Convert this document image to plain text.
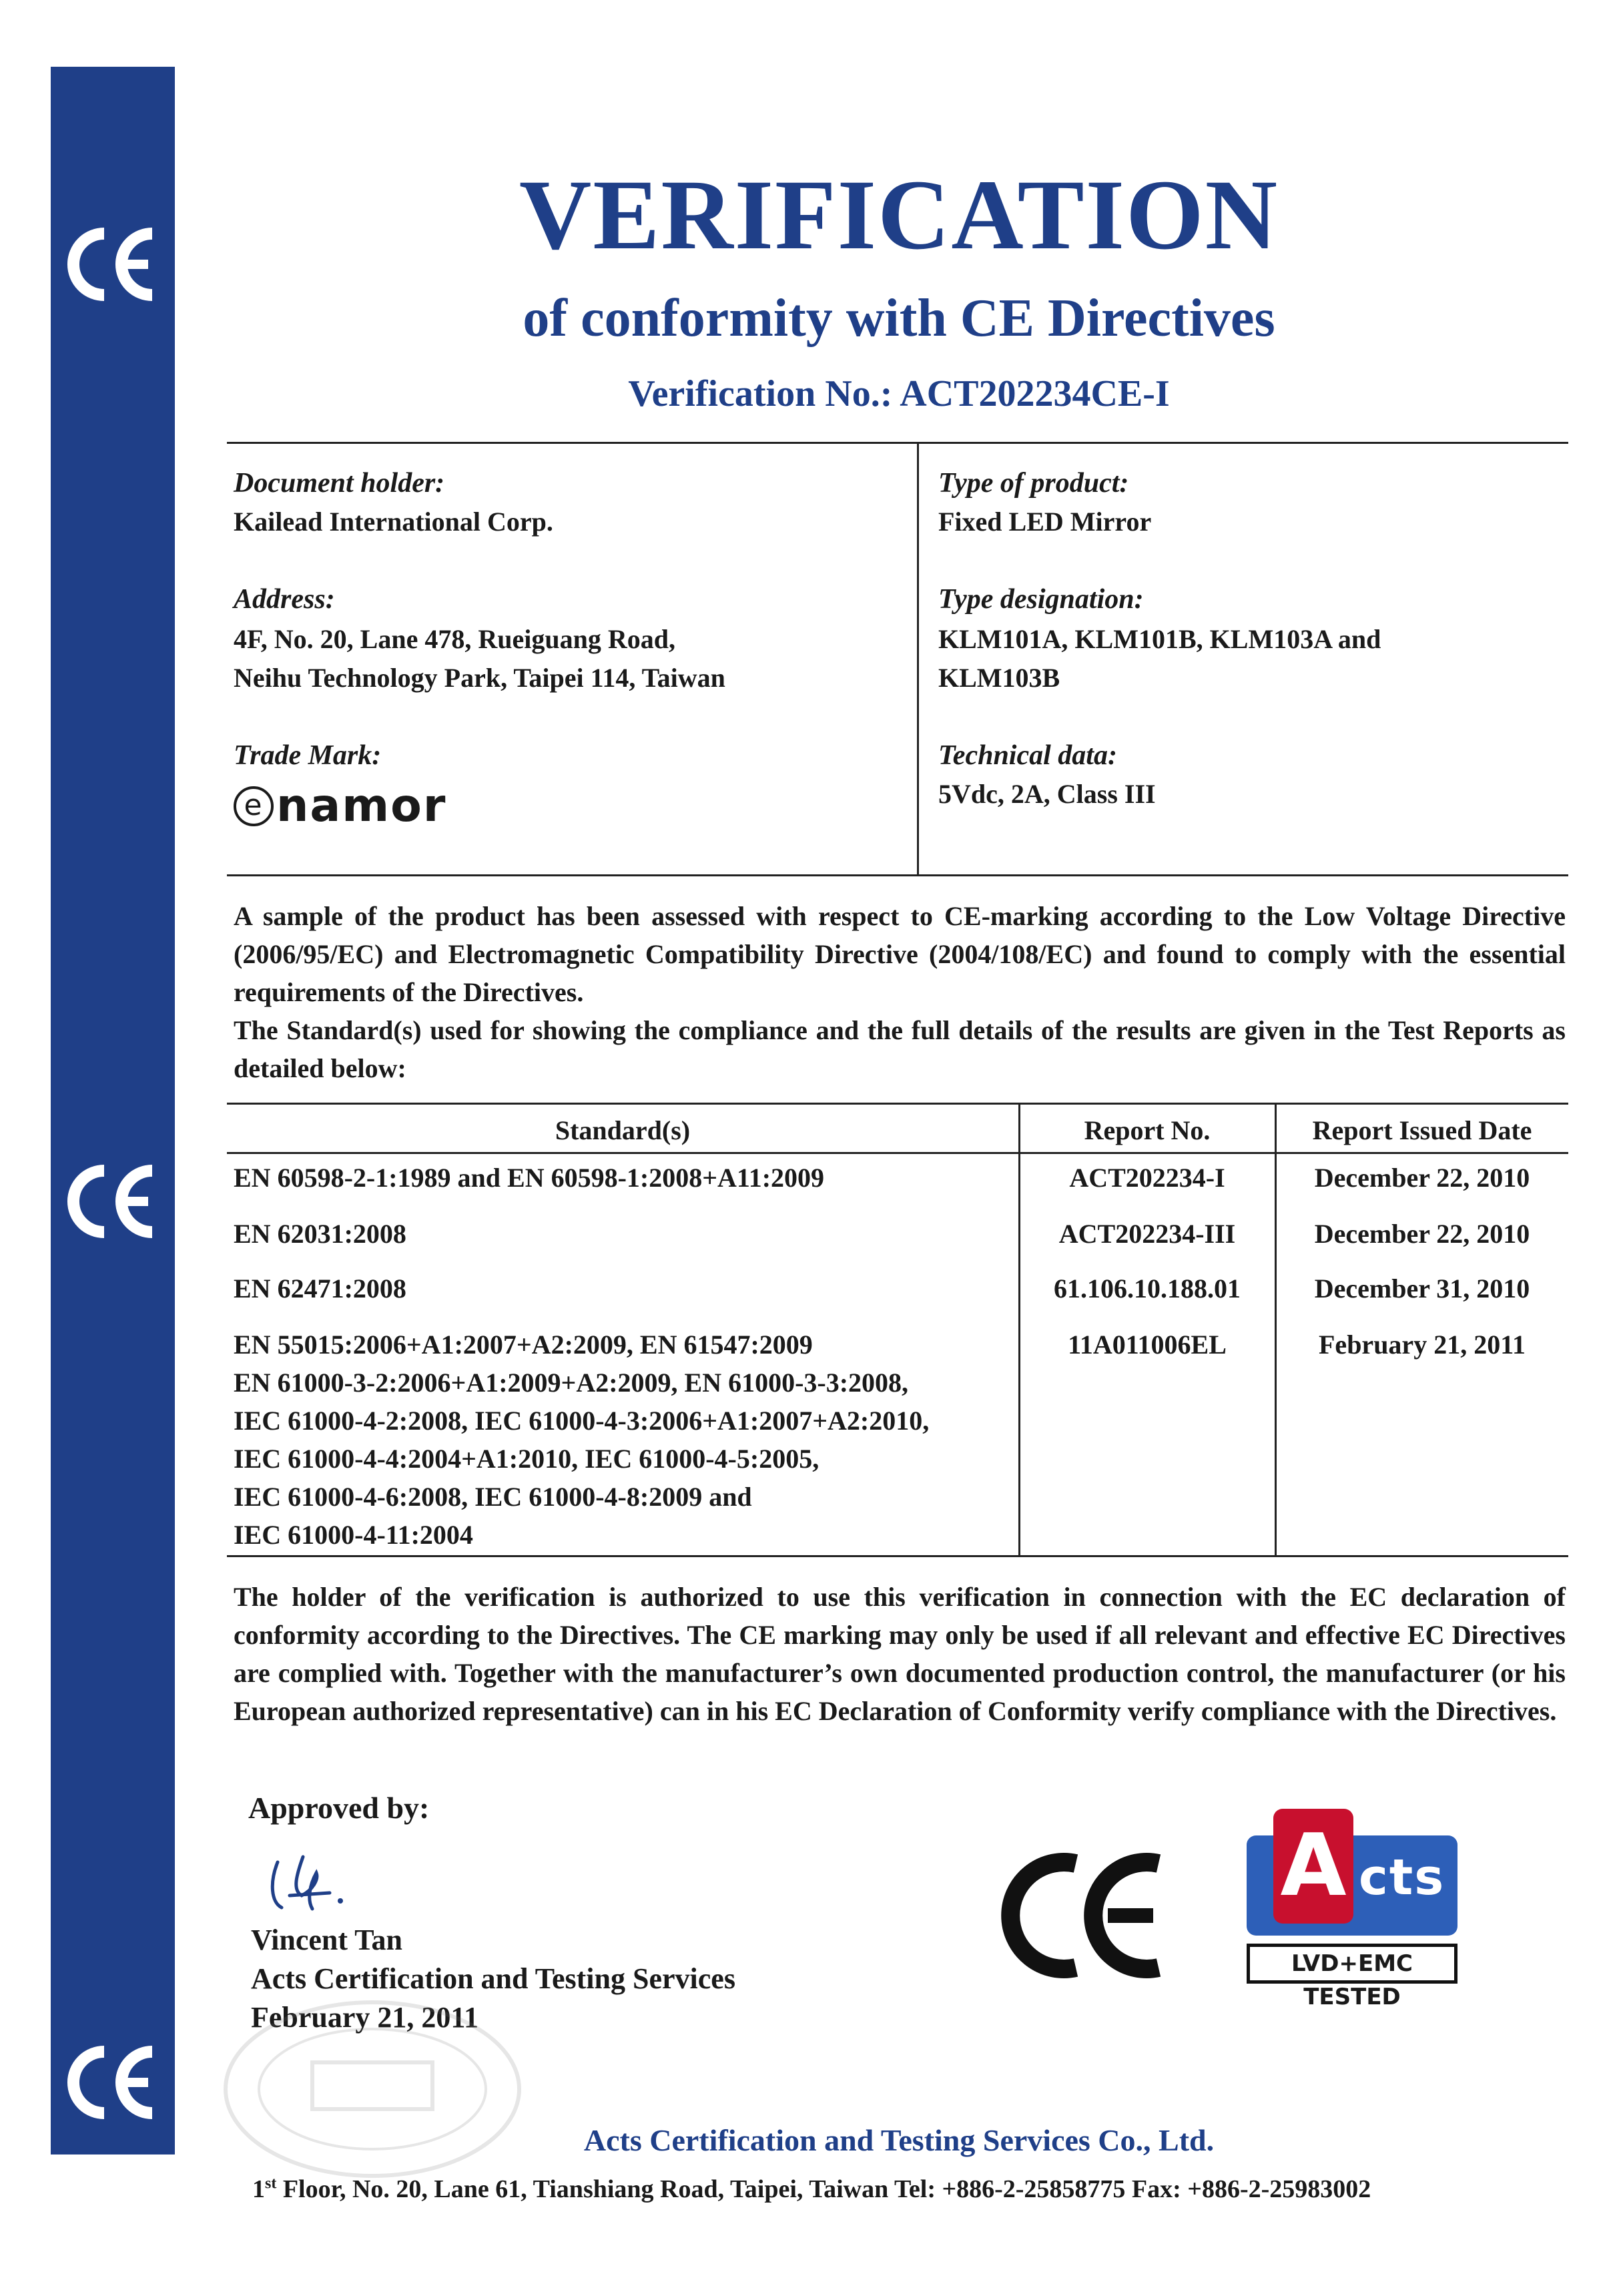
VERIFICATION
of conformity with CE Directives
Verification No.: ACT202234CE-I
Document holder:
Kailead International Corp.
Address:
4F, No. 20, Lane 478, Rueiguang Road,
Neihu Technology Park, Taipei 114, Taiwan
Trade Mark:
e namor
Type of product:
Fixed LED Mirror
Type designation:
KLM101A, KLM101B, KLM103A and
KLM103B
Technical data:
5Vdc, 2A, Class III
A sample of the product has been assessed with respect to CE-marking according to the Low Voltage Directive (2006/95/EC) and Electromagnetic Compatibility Directive (2004/108/EC) and found to comply with the essential requirements of the Directives.
The Standard(s) used for showing the compliance and the full details of the results are given in the Test Reports as detailed below:
Standard(s)	Report No.	Report Issued Date
EN 60598-2-1:1989 and EN 60598-1:2008+A11:2009	ACT202234-I	December 22, 2010
EN 62031:2008	ACT202234-III	December 22, 2010
EN 62471:2008	61.106.10.188.01	December 31, 2010
EN 55015:2006+A1:2007+A2:2009, EN 61547:2009
EN 61000-3-2:2006+A1:2009+A2:2009, EN 61000-3-3:2008,
IEC 61000-4-2:2008, IEC 61000-4-3:2006+A1:2007+A2:2010,
IEC 61000-4-4:2004+A1:2010, IEC 61000-4-5:2005,
IEC 61000-4-6:2008, IEC 61000-4-8:2009 and
IEC 61000-4-11:2004
11A011006EL	February 21, 2011
The holder of the verification is authorized to use this verification in connection with the EC declaration of conformity according to the Directives. The CE marking may only be used if all relevant and effective EC Directives are complied with. Together with the manufacturer’s own documented production control, the manufacturer (or his European authorized representative) can in his EC Declaration of Conformity verify compliance with the Directives.
Approved by:
Vincent Tan
Acts Certification and Testing Services
February 21, 2011
A cts
LVD+EMC TESTED
Acts Certification and Testing Services Co., Ltd.
1st Floor, No. 20, Lane 61, Tianshiang Road, Taipei, Taiwan Tel: +886-2-25858775 Fax: +886-2-25983002
